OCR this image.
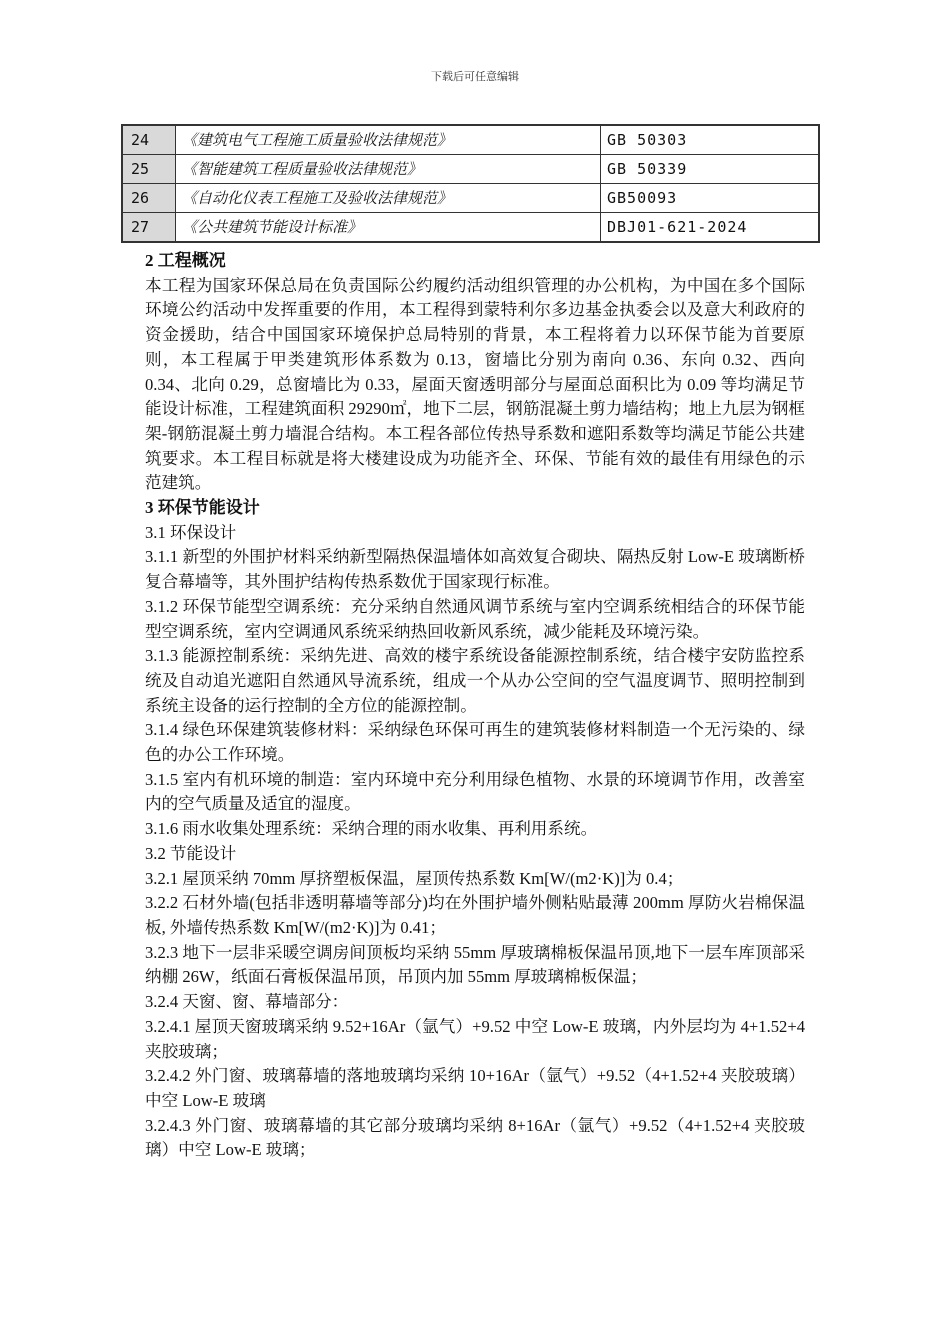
下载后可任意编辑
24	《建筑电气工程施工质量验收法律规范》	GB 50303
25	《智能建筑工程质量验收法律规范》	GB 50339
26	《自动化仪表工程施工及验收法律规范》	GB50093
27	《公共建筑节能设计标准》	DBJ01-621-2024
2 工程概况

本工程为国家环保总局在负责国际公约履约活动组织管理的办公机构，为中国在多个国际环境公约活动中发挥重要的作用，本工程得到蒙特利尔多边基金执委会以及意大利政府的资金援助，结合中国国家环境保护总局特别的背景，本工程将着力以环保节能为首要原则，本工程属于甲类建筑形体系数为 0.13，窗墙比分别为南向 0.36、东向 0.32、西向 0.34、北向 0.29，总窗墙比为 0.33，屋面天窗透明部分与屋面总面积比为 0.09 等均满足节能设计标准，工程建筑面积 29290㎡，地下二层，钢筋混凝土剪力墙结构；地上九层为钢框架-钢筋混凝土剪力墙混合结构。本工程各部位传热导系数和遮阳系数等均满足节能公共建筑要求。本工程目标就是将大楼建设成为功能齐全、环保、节能有效的最佳有用绿色的示范建筑。

3 环保节能设计

3.1 环保设计

3.1.1 新型的外围护材料采纳新型隔热保温墙体如高效复合砌块、隔热反射 Low-E 玻璃断桥复合幕墙等，其外围护结构传热系数优于国家现行标准。

3.1.2 环保节能型空调系统：充分采纳自然通风调节系统与室内空调系统相结合的环保节能型空调系统，室内空调通风系统采纳热回收新风系统，减少能耗及环境污染。

3.1.3 能源控制系统：采纳先进、高效的楼宇系统设备能源控制系统，结合楼宇安防监控系统及自动追光遮阳自然通风导流系统，组成一个从办公空间的空气温度调节、照明控制到系统主设备的运行控制的全方位的能源控制。

3.1.4 绿色环保建筑装修材料：采纳绿色环保可再生的建筑装修材料制造一个无污染的、绿色的办公工作环境。

3.1.5 室内有机环境的制造：室内环境中充分利用绿色植物、水景的环境调节作用，改善室内的空气质量及适宜的湿度。

3.1.6 雨水收集处理系统：采纳合理的雨水收集、再利用系统。

3.2 节能设计

3.2.1 屋顶采纳 70mm 厚挤塑板保温，屋顶传热系数 Km[W/(m2·K)]为 0.4；

3.2.2 石材外墙(包括非透明幕墙等部分)均在外围护墙外侧粘贴最薄 200mm 厚防火岩棉保温板, 外墙传热系数 Km[W/(m2·K)]为 0.41；

3.2.3 地下一层非采暖空调房间顶板均采纳 55mm 厚玻璃棉板保温吊顶,地下一层车库顶部采纳棚 26W，纸面石膏板保温吊顶，吊顶内加 55mm 厚玻璃棉板保温；

3.2.4 天窗、窗、幕墙部分：

3.2.4.1 屋顶天窗玻璃采纳 9.52+16Ar（氩气）+9.52 中空 Low-E 玻璃，内外层均为 4+1.52+4 夹胶玻璃；

3.2.4.2 外门窗、玻璃幕墙的落地玻璃均采纳 10+16Ar（氩气）+9.52（4+1.52+4 夹胶玻璃）中空 Low-E 玻璃

3.2.4.3 外门窗、玻璃幕墙的其它部分玻璃均采纳 8+16Ar（氩气）+9.52（4+1.52+4 夹胶玻璃）中空 Low-E 玻璃；
